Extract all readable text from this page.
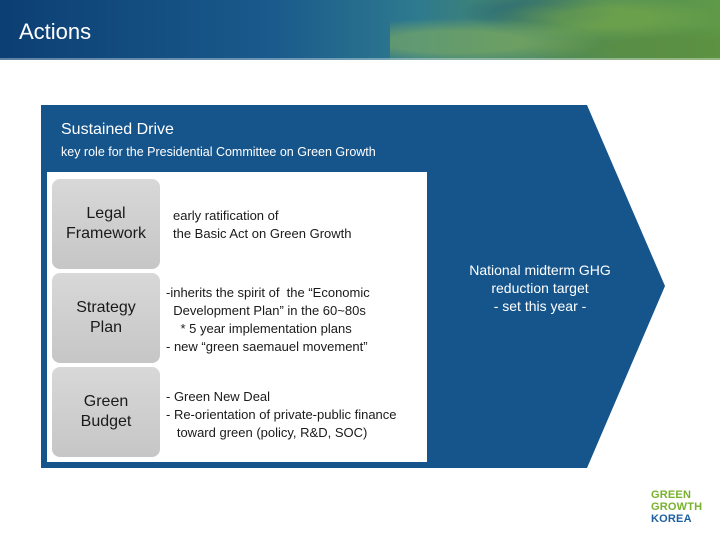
Actions
Sustained Drive
key role for the Presidential Committee on Green Growth
Legal
Framework
early ratification of
the Basic Act on Green Growth
Strategy
Plan
-inherits the spirit of  the “Economic
Development Plan” in the 60~80s
* 5 year implementation plans
- new “green saemauel movement”
Green
Budget
- Green New Deal
- Re-orientation of private-public finance
toward green (policy, R&D, SOC)
National midterm GHG
reduction target
- set this year -
GREEN
GROWTH
KOREA
